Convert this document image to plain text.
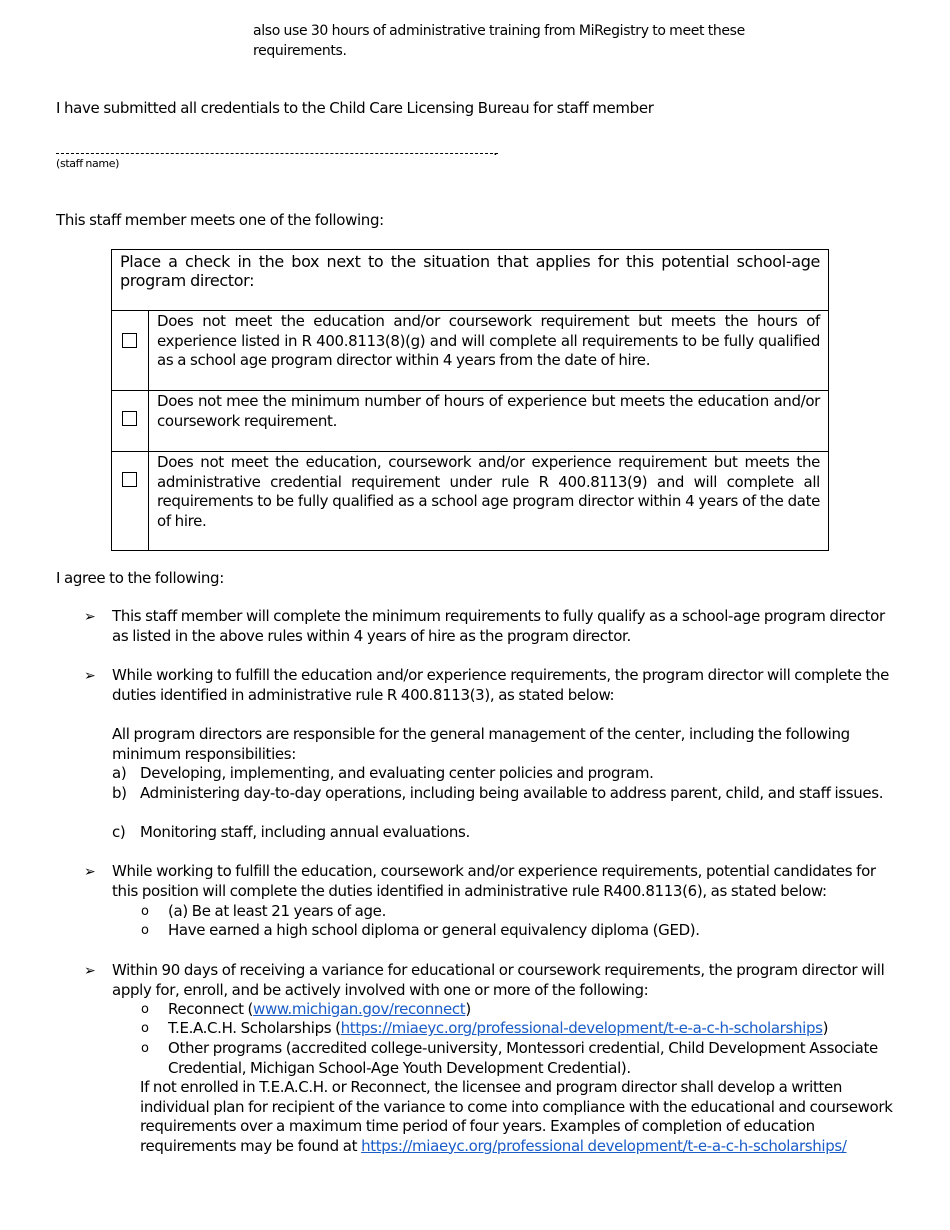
also use 30 hours of administrative training from MiRegistry to meet these requirements.

I have submitted all credentials to the Child Care Licensing Bureau for staff member

.
(staff name)

This staff member meets one of the following:

Place a check in the box next to the situation that applies for this potential school-age program director:	

	Does not meet the education and/or coursework requirement but meets the hours of experience listed in R 400.8113(8)(g) and will complete all requirements to be fully qualified as a school age program director within 4 years from the date of hire.

	Does not mee the minimum number of hours of experience but meets the education and/or coursework requirement.

	Does not meet the education, coursework and/or experience requirement but meets the administrative credential requirement under rule R 400.8113(9) and will complete all requirements to be fully qualified as a school age program director within 4 years of the date of hire.

I agree to the following:

➢ This staff member will complete the minimum requirements to fully qualify as a school-age program director as listed in the above rules within 4 years of hire as the program director.

➢ While working to fulfill the education and/or experience requirements, the program director will complete the duties identified in administrative rule R 400.8113(3), as stated below:

All program directors are responsible for the general management of the center, including the following minimum responsibilities:

a) Developing, implementing, and evaluating center policies and program.

b) Administering day-to-day operations, including being available to address parent, child, and staff issues.

c) Monitoring staff, including annual evaluations.

➢ While working to fulfill the education, coursework and/or experience requirements, potential candidates for this position will complete the duties identified in administrative rule R400.8113(6), as stated below:

o (a) Be at least 21 years of age.

o Have earned a high school diploma or general equivalency diploma (GED).

➢ Within 90 days of receiving a variance for educational or coursework requirements, the program director will apply for, enroll, and be actively involved with one or more of the following:

o Reconnect (www.michigan.gov/reconnect)

o T.E.A.C.H. Scholarships (https://miaeyc.org/professional-development/t-e-a-c-h-scholarships)

o Other programs (accredited college-university, Montessori credential, Child Development Associate Credential, Michigan School-Age Youth Development Credential).

If not enrolled in T.E.A.C.H. or Reconnect, the licensee and program director shall develop a written individual plan for recipient of the variance to come into compliance with the educational and coursework requirements over a maximum time period of four years. Examples of completion of education requirements may be found at https://miaeyc.org/professional development/t-e-a-c-h-scholarships/
